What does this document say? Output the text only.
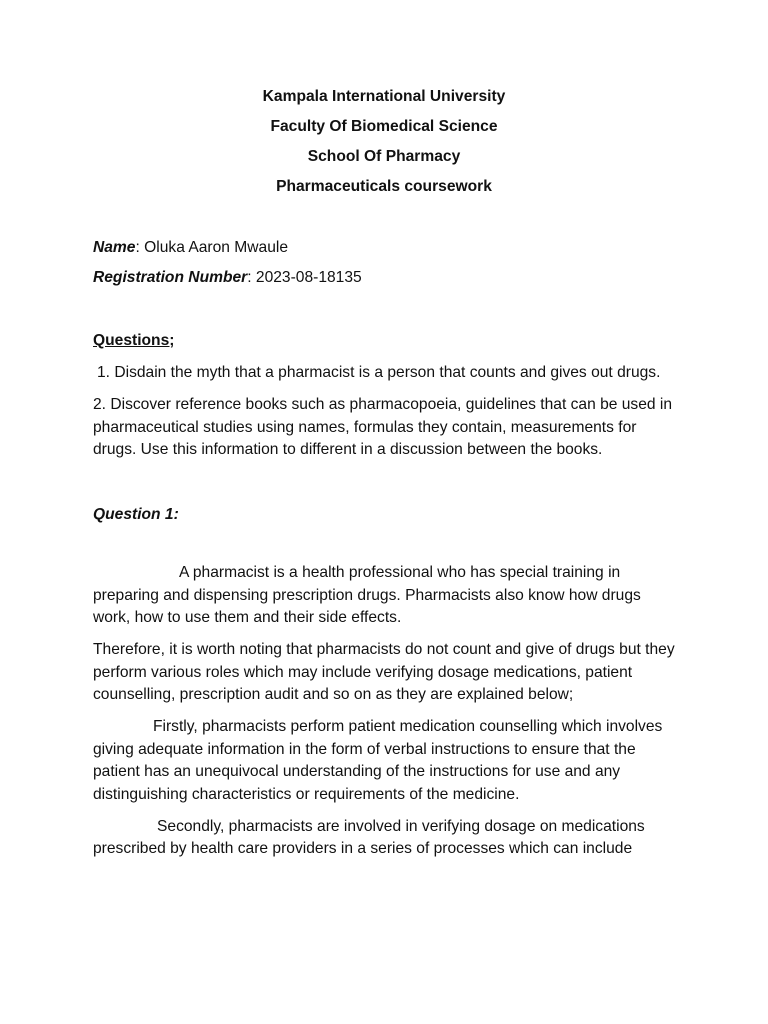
Kampala International University
Faculty Of Biomedical Science
School Of Pharmacy
Pharmaceuticals coursework
Name: Oluka Aaron Mwaule
Registration Number: 2023-08-18135
Questions;

1. Disdain the myth that a pharmacist is a person that counts and gives out drugs.

2. Discover reference books such as pharmacopoeia, guidelines that can be used in pharmaceutical studies using names, formulas they contain, measurements for drugs. Use this information to different in a discussion between the books.

Question 1:

A pharmacist is a health professional who has special training in preparing and dispensing prescription drugs. Pharmacists also know how drugs work, how to use them and their side effects.

Therefore, it is worth noting that pharmacists do not count and give of drugs but they perform various roles which may include verifying dosage medications, patient counselling, prescription audit and so on as they are explained below;

Firstly, pharmacists perform patient medication counselling which involves giving adequate information in the form of verbal instructions to ensure that the patient has an unequivocal understanding of the instructions for use and any distinguishing characteristics or requirements of the medicine.

Secondly, pharmacists are involved in verifying dosage on medications prescribed by health care providers in a series of processes which can include
